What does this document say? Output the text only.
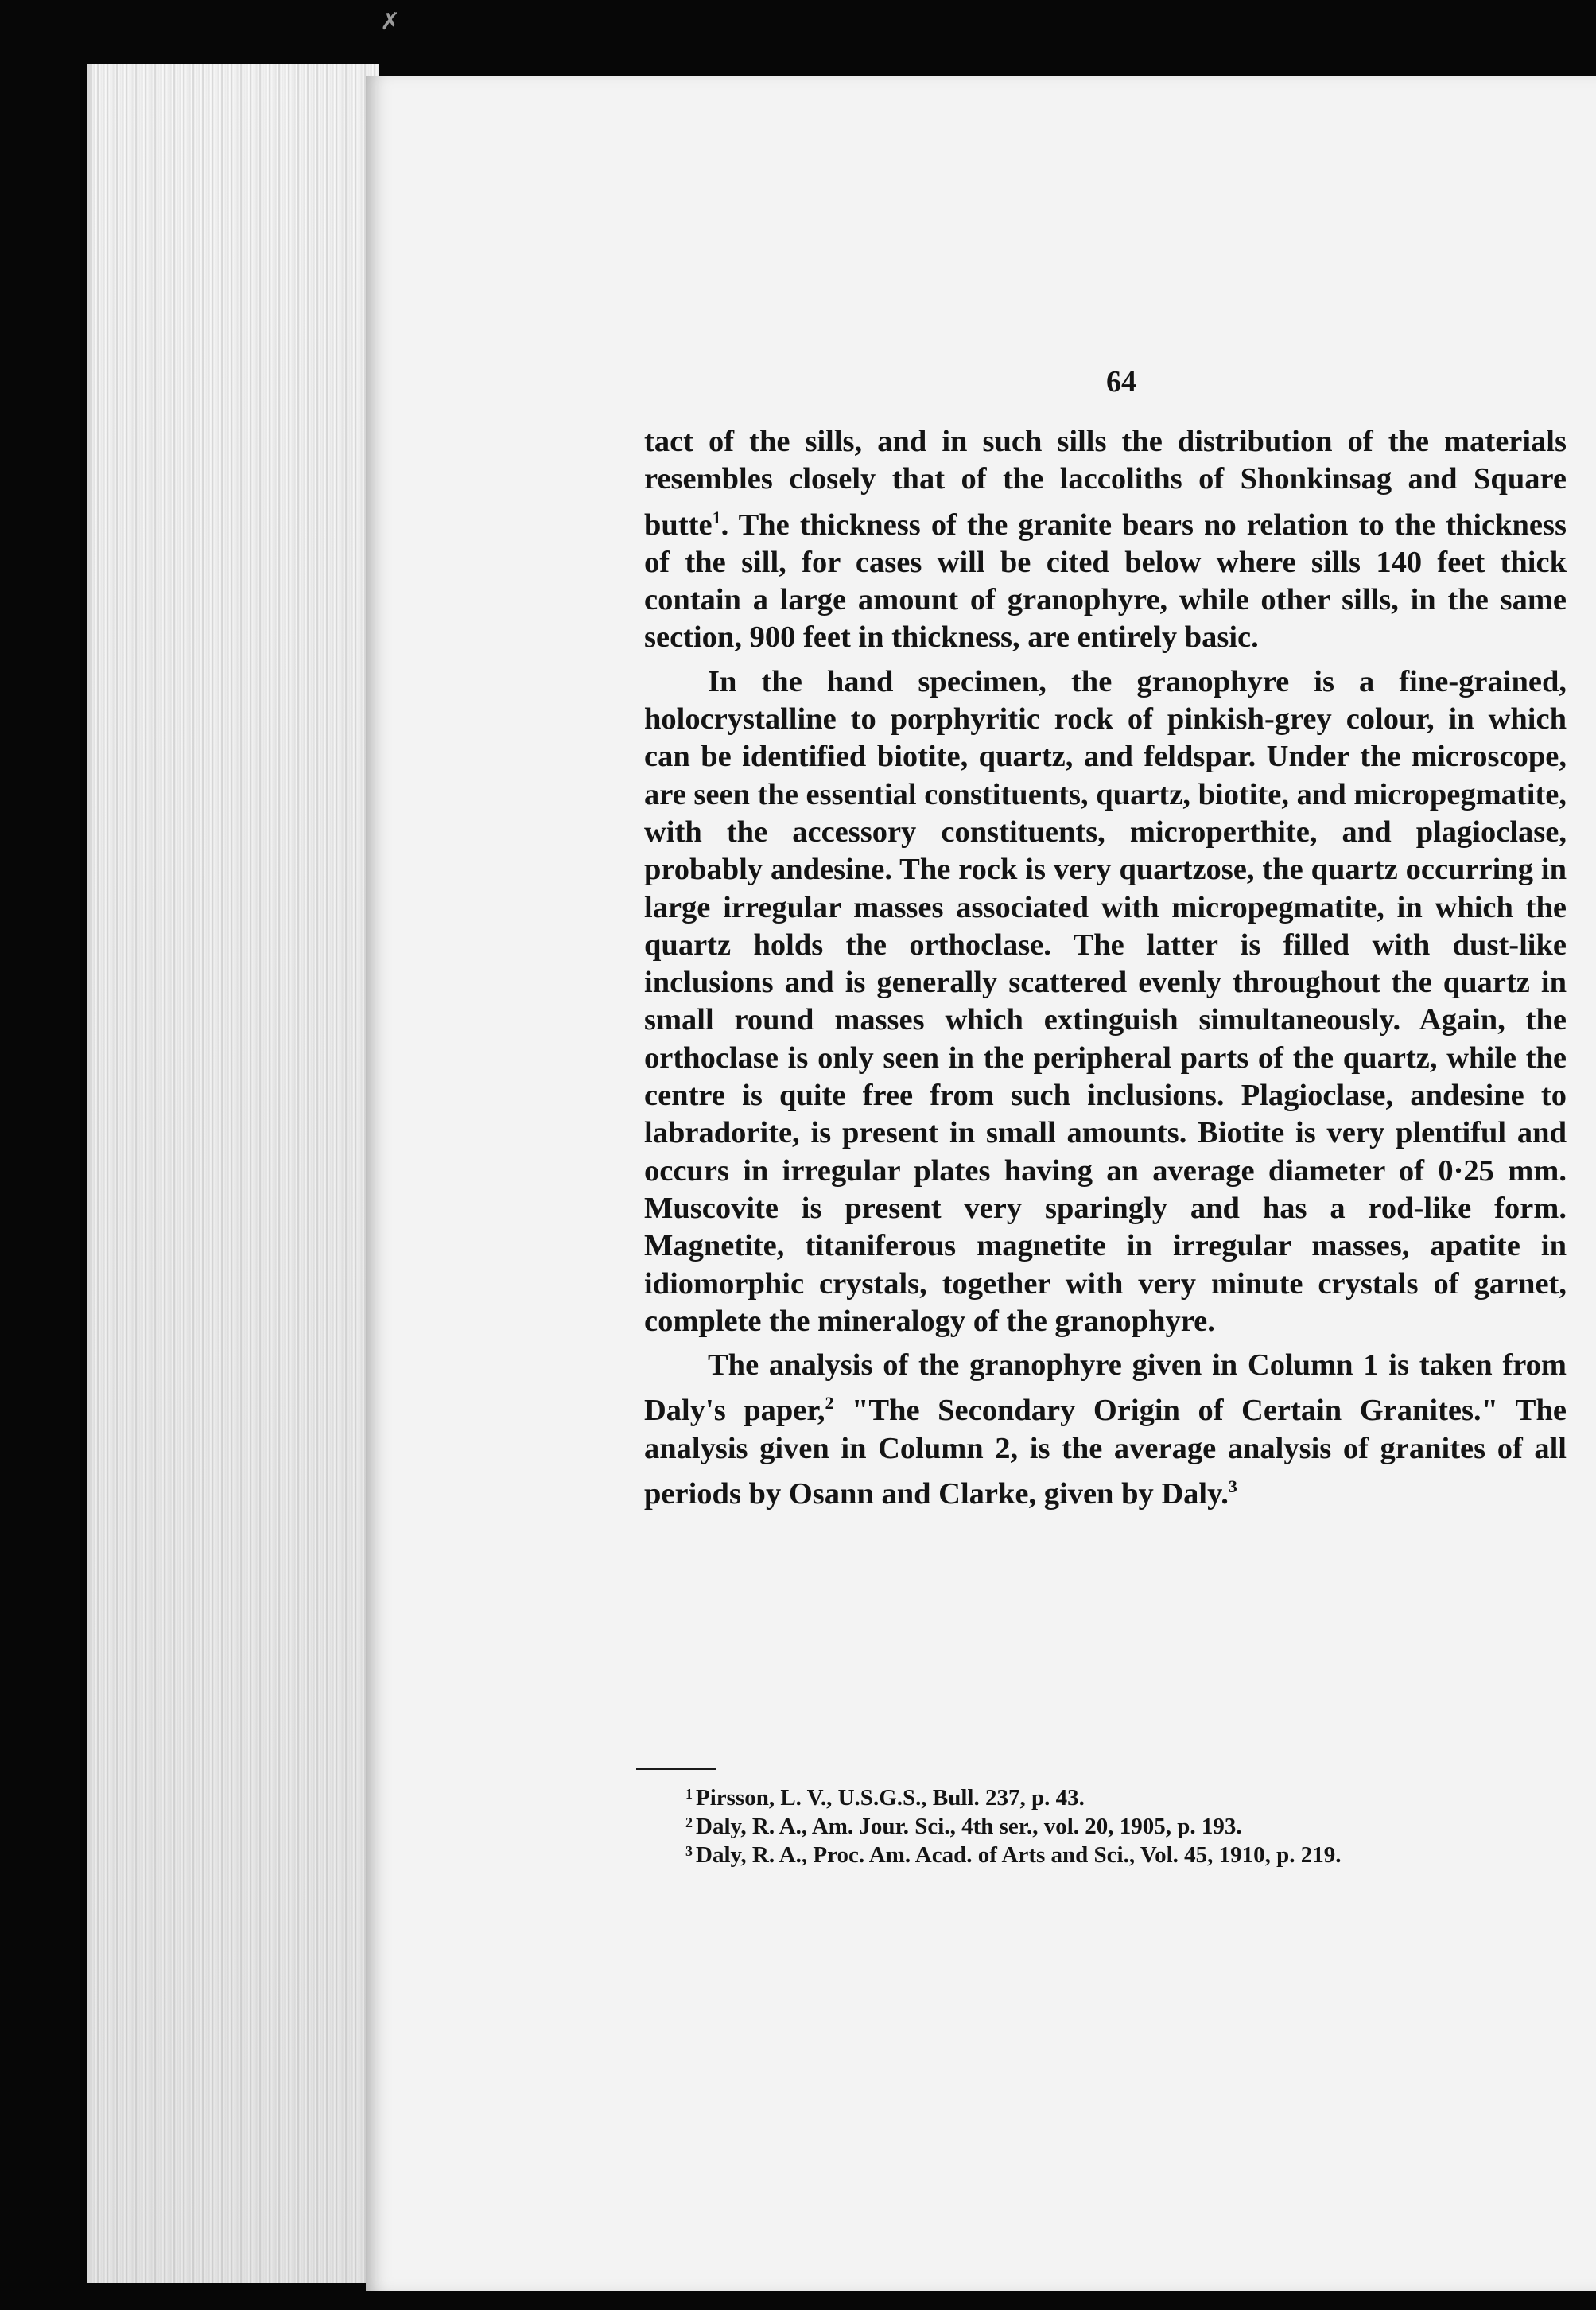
✗
64

tact of the sills, and in such sills the distribution of the materials resembles closely that of the laccoliths of Shonkinsag and Square butte$^1$. The thickness of the granite bears no relation to the thickness of the sill, for cases will be cited below where sills 140 feet thick contain a large amount of granophyre, while other sills, in the same section, 900 feet in thickness, are entirely basic.

In the hand specimen, the granophyre is a fine-grained, holocrystalline to porphyritic rock of pinkish-grey colour, in which can be identified biotite, quartz, and feldspar. Under the microscope, are seen the essential constituents, quartz, biotite, and micropegmatite, with the accessory constituents, microperthite, and plagioclase, probably andesine. The rock is very quartzose, the quartz occurring in large irregular masses associated with micropegmatite, in which the quartz holds the orthoclase. The latter is filled with dust-like inclusions and is generally scattered evenly throughout the quartz in small round masses which extinguish simultaneously. Again, the orthoclase is only seen in the peripheral parts of the quartz, while the centre is quite free from such inclusions. Plagioclase, andesine to labradorite, is present in small amounts. Biotite is very plentiful and occurs in irregular plates having an average diameter of 0·25 mm. Muscovite is present very sparingly and has a rod-like form. Magnetite, titaniferous magnetite in irregular masses, apatite in idiomorphic crystals, together with very minute crystals of garnet, complete the mineralogy of the granophyre.

The analysis of the granophyre given in Column 1 is taken from Daly's paper,$^2$ "The Secondary Origin of Certain Granites." The analysis given in Column 2, is the average analysis of granites of all periods by Osann and Clarke, given by Daly.$^3$

$^1$ Pirsson, L. V., U.S.G.S., Bull. 237, p. 43.
$^2$ Daly, R. A., Am. Jour. Sci., 4th ser., vol. 20, 1905, p. 193.
$^3$ Daly, R. A., Proc. Am. Acad. of Arts and Sci., Vol. 45, 1910, p. 219.
